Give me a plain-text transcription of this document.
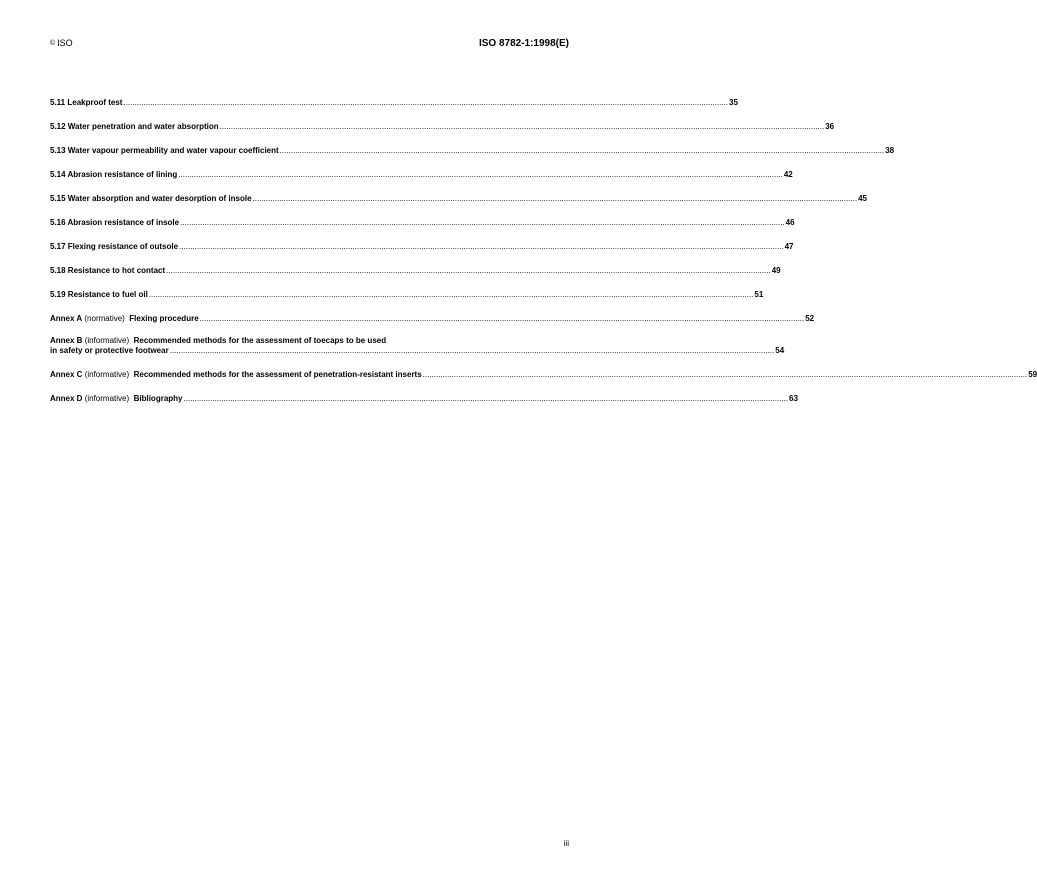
© ISO	ISO 8782-1:1998(E)
5.11 Leakproof test .....	35
5.12 Water penetration and water absorption .....	36
5.13 Water vapour permeability and water vapour coefficient .....	38
5.14 Abrasion resistance of lining .....	42
5.15 Water absorption and water desorption of insole .....	45
5.16 Abrasion resistance of insole .....	46
5.17 Flexing resistance of outsole .....	47
5.18 Resistance to hot contact .....	49
5.19 Resistance to fuel oil .....	51
Annex A (normative) Flexing procedure .....	52
Annex B (informative) Recommended methods for the assessment of toecaps to be used
in safety or protective footwear .....	54
Annex C (informative) Recommended methods for the assessment of penetration-resistant inserts .....	59
Annex D (informative) Bibliography .....	63
iii
